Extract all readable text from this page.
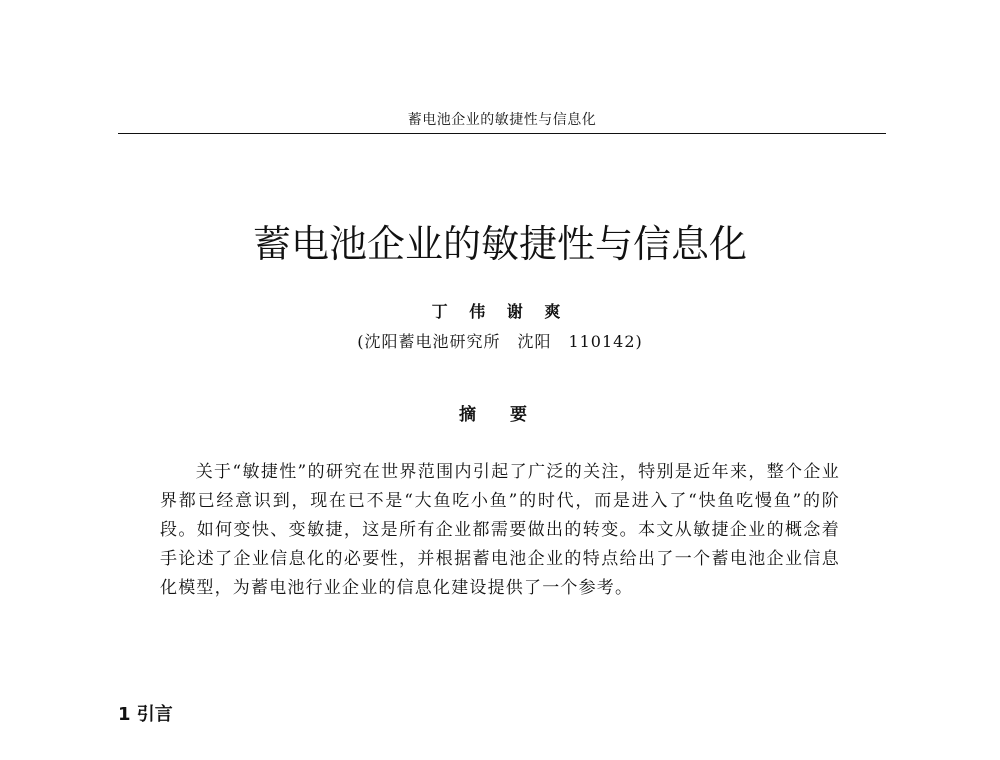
蓄电池企业的敏捷性与信息化
蓄电池企业的敏捷性与信息化
丁 伟 谢 爽
(沈阳蓄电池研究所　沈阳　110142)
摘 要

关于“敏捷性”的研究在世界范围内引起了广泛的关注，特别是近年来，整个企业界都已经意识到，现在已不是“大鱼吃小鱼”的时代，而是进入了“快鱼吃慢鱼”的阶段。如何变快、变敏捷，这是所有企业都需要做出的转变。本文从敏捷企业的概念着手论述了企业信息化的必要性，并根据蓄电池企业的特点给出了一个蓄电池企业信息化模型，为蓄电池行业企业的信息化建设提供了一个参考。

1 引言
